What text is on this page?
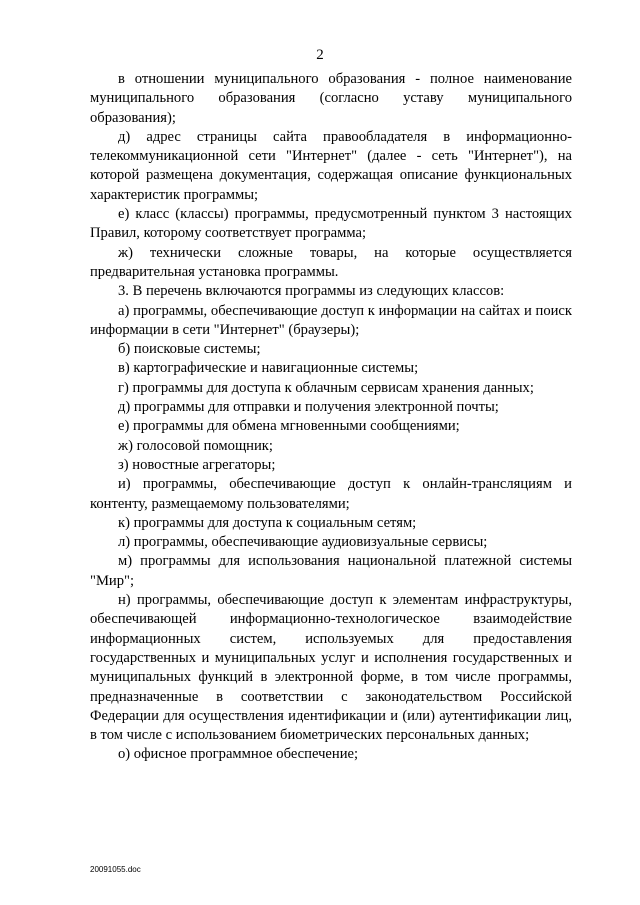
2

в отношении муниципального образования - полное наименование муниципального образования (согласно уставу муниципального образования);

д) адрес страницы сайта правообладателя в информационно-телекоммуникационной сети "Интернет" (далее - сеть "Интернет"), на которой размещена документация, содержащая описание функциональных характеристик программы;

е) класс (классы) программы, предусмотренный пунктом 3 настоящих Правил, которому соответствует программа;

ж) технически сложные товары, на которые осуществляется предварительная установка программы.

3. В перечень включаются программы из следующих классов:

а) программы, обеспечивающие доступ к информации на сайтах и поиск информации в сети "Интернет" (браузеры);

б) поисковые системы;

в) картографические и навигационные системы;

г) программы для доступа к облачным сервисам хранения данных;

д) программы для отправки и получения электронной почты;

е) программы для обмена мгновенными сообщениями;

ж) голосовой помощник;

з) новостные агрегаторы;

и) программы, обеспечивающие доступ к онлайн-трансляциям и контенту, размещаемому пользователями;

к) программы для доступа к социальным сетям;

л) программы, обеспечивающие аудиовизуальные сервисы;

м) программы для использования национальной платежной системы "Мир";

н) программы, обеспечивающие доступ к элементам инфраструктуры, обеспечивающей информационно-технологическое взаимодействие информационных систем, используемых для предоставления государственных и муниципальных услуг и исполнения государственных и муниципальных функций в электронной форме, в том числе программы, предназначенные в соответствии с законодательством Российской Федерации для осуществления идентификации и (или) аутентификации лиц, в том числе с использованием биометрических персональных данных;

о) офисное программное обеспечение;

20091055.doc
